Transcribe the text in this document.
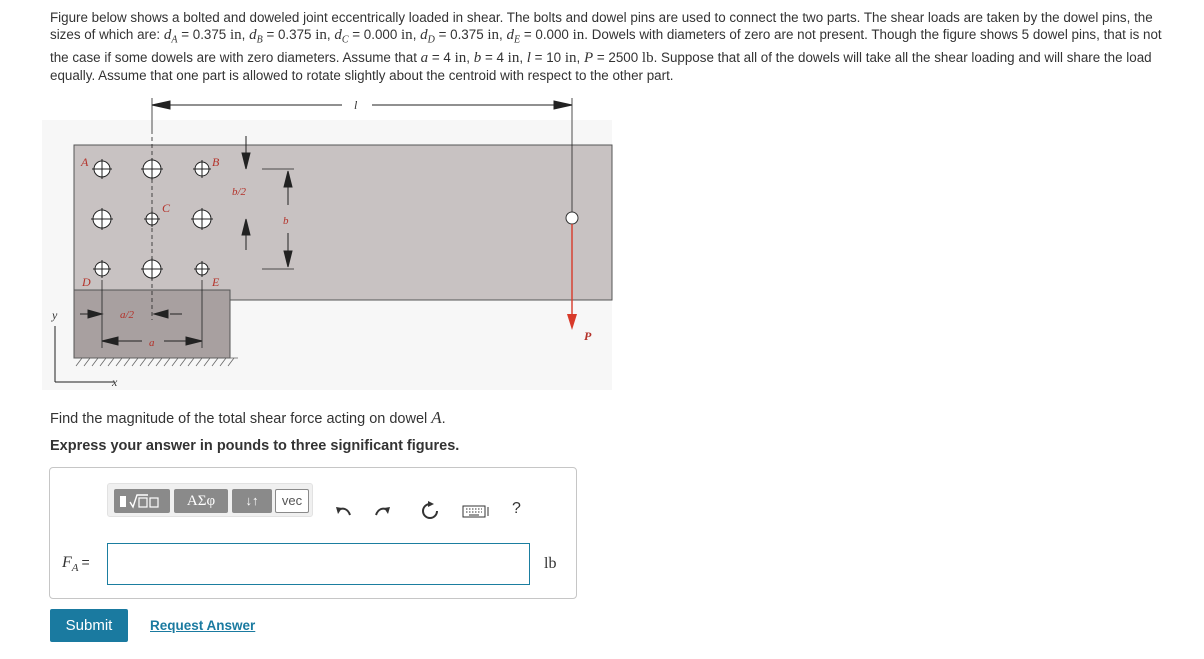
Figure below shows a bolted and doweled joint eccentrically loaded in shear. The bolts and dowel pins are used to connect the two parts. The shear loads are taken by the dowel pins, the sizes of which are: $d_A = 0.375$ in, $d_B = 0.375$ in, $d_C = 0.000$ in, $d_D = 0.375$ in, $d_E = 0.000$ in. Dowels with diameters of zero are not present. Though the figure shows 5 dowel pins, that is not the case if some dowels are with zero diameters. Assume that a = 4 in, b = 4 in, l = 10 in, P = 2500 lb. Suppose that all of the dowels will take all the shear loading and will share the load equally. Assume that one part is allowed to rotate slightly about the centroid with respect to the other part.
l
A	B
C
D	E
b/2
b
a/2
a
y
x
P
Find the magnitude of the total shear force acting on dowel A.
Express your answer in pounds to three significant figures.
ΑΣφ	↓↑	vec	?
$F_A$ =	lb
Submit	Request Answer
